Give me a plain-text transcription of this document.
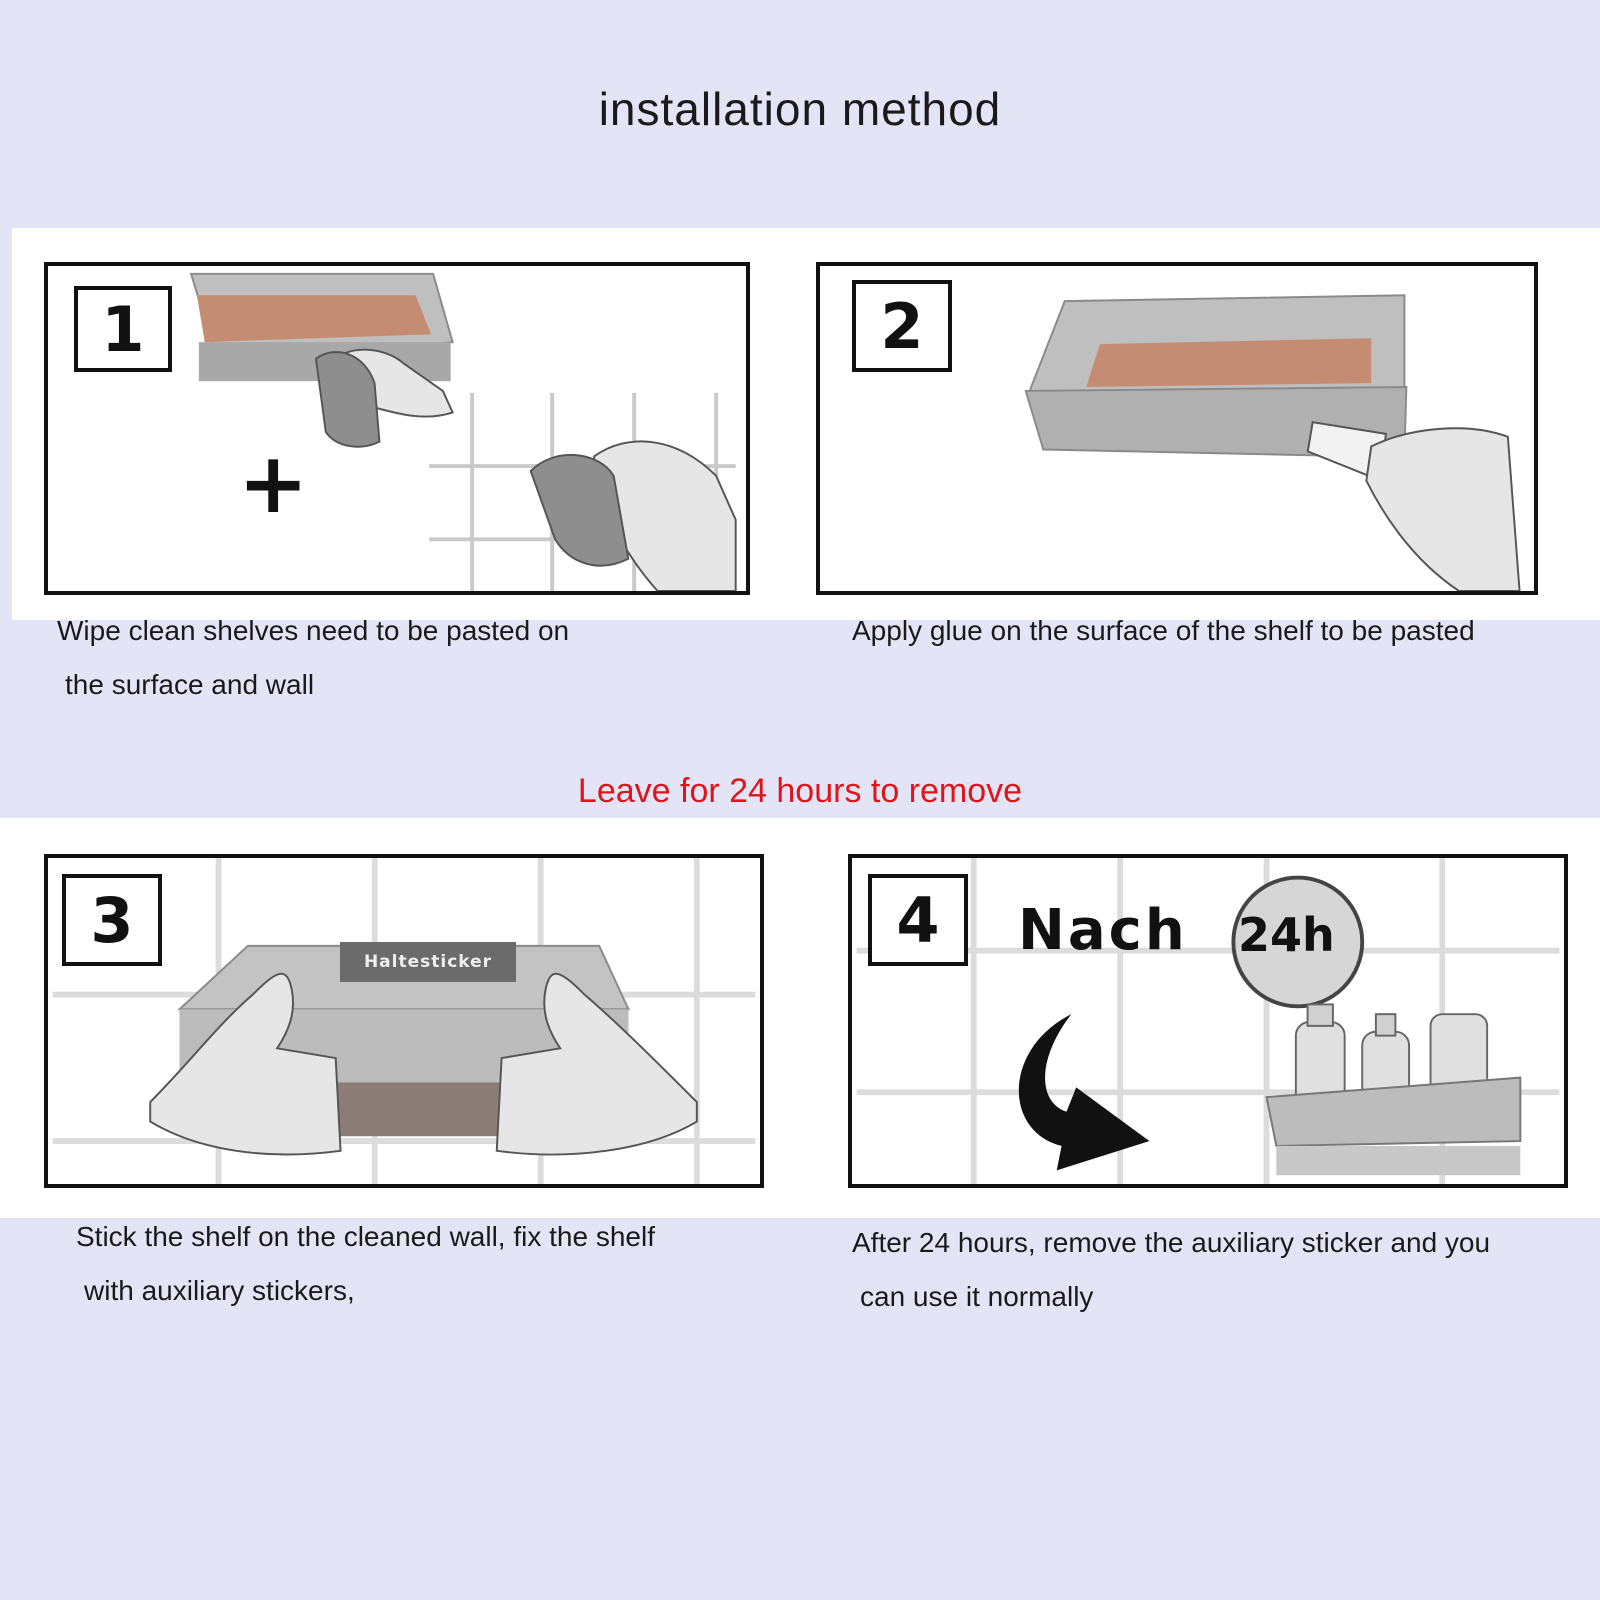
installation method
+
1
Wipe clean shelves need to be pasted on
the surface and wall
2
Apply glue on the surface of the shelf to be pasted
Leave for 24 hours to remove
Haltesticker
3
Stick the shelf on the cleaned wall, fix the shelf
with auxiliary stickers,
4	Nach 24h
After 24 hours, remove the auxiliary sticker and you
can use it normally
